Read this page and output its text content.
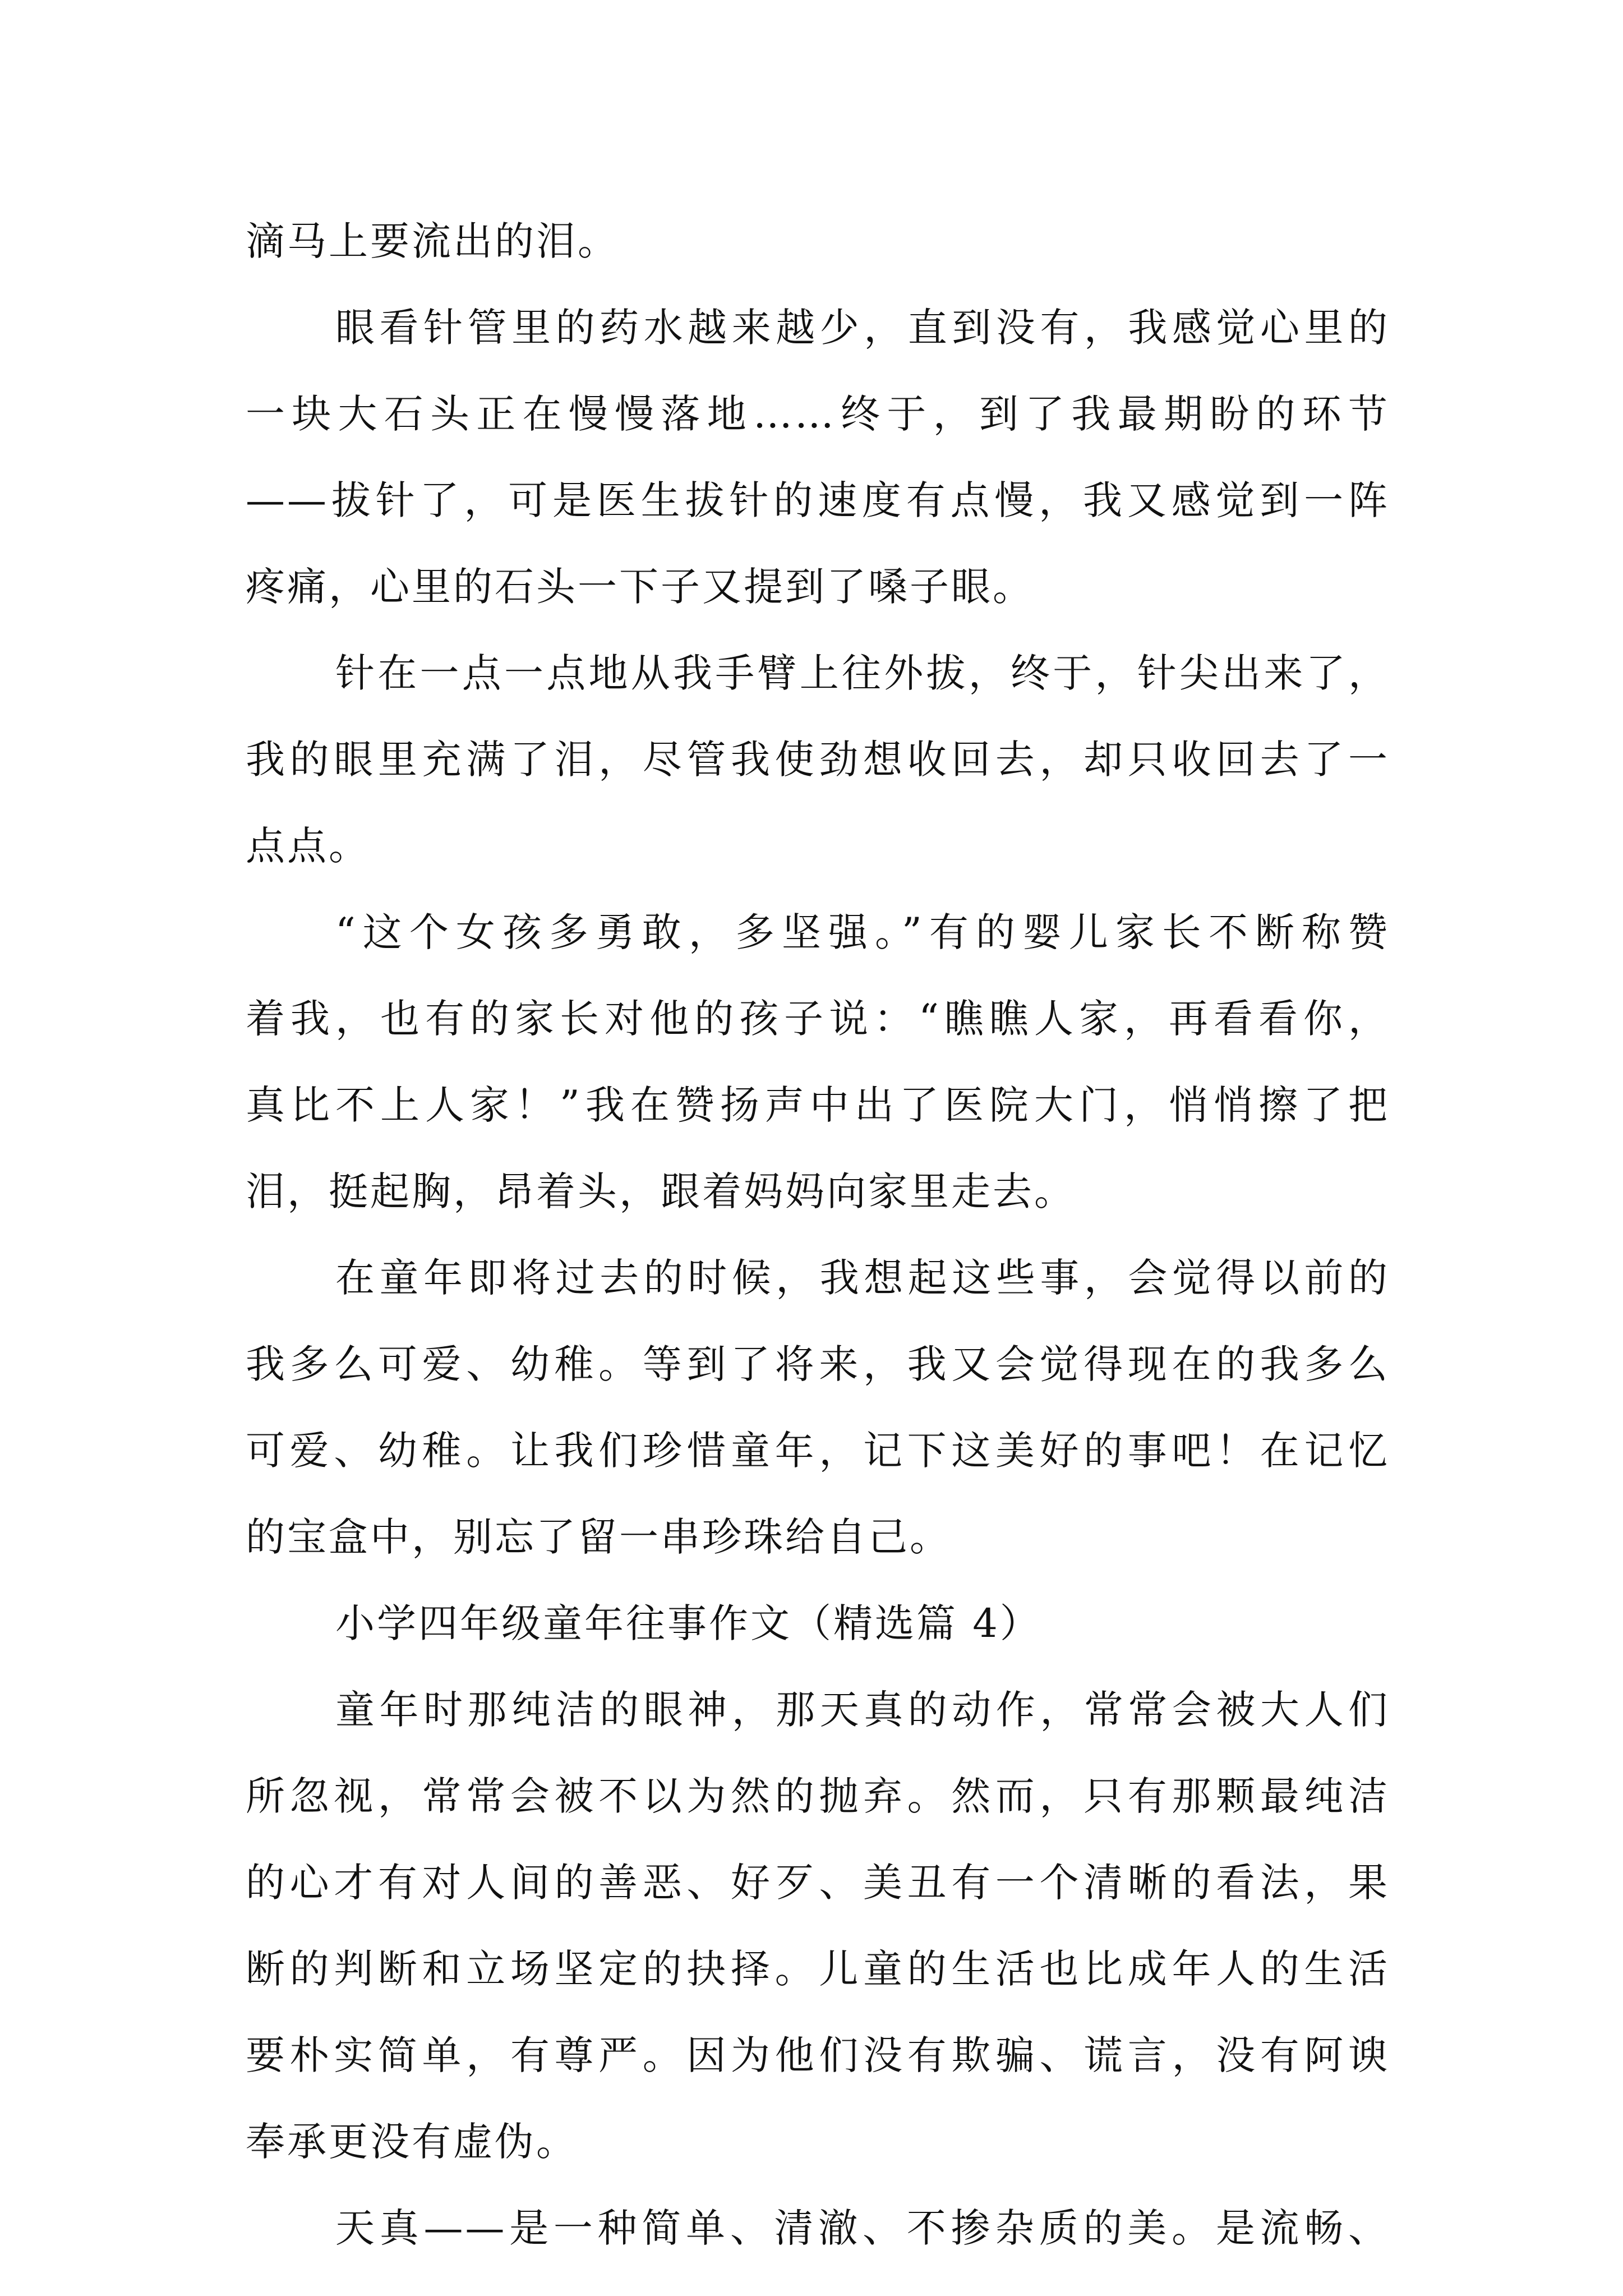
滴马上要流出的泪。
眼看针管里的药水越来越少，直到没有，我感觉心里的
一块大石头正在慢慢落地……终于，到了我最期盼的环节
——拔针了，可是医生拔针的速度有点慢，我又感觉到一阵
疼痛，心里的石头一下子又提到了嗓子眼。
针在一点一点地从我手臂上往外拔，终于，针尖出来了，
我的眼里充满了泪，尽管我使劲想收回去，却只收回去了一
点点。
“这个女孩多勇敢，多坚强。”有的婴儿家长不断称赞
着我，也有的家长对他的孩子说：“瞧瞧人家，再看看你，
真比不上人家！”我在赞扬声中出了医院大门，悄悄擦了把
泪，挺起胸，昂着头，跟着妈妈向家里走去。
在童年即将过去的时候，我想起这些事，会觉得以前的
我多么可爱、幼稚。等到了将来，我又会觉得现在的我多么
可爱、幼稚。让我们珍惜童年，记下这美好的事吧！在记忆
的宝盒中，别忘了留一串珍珠给自己。
小学四年级童年往事作文（精选篇 4）
童年时那纯洁的眼神，那天真的动作，常常会被大人们
所忽视，常常会被不以为然的抛弃。然而，只有那颗最纯洁
的心才有对人间的善恶、好歹、美丑有一个清晰的看法，果
断的判断和立场坚定的抉择。儿童的生活也比成年人的生活
要朴实简单，有尊严。因为他们没有欺骗、谎言，没有阿谀
奉承更没有虚伪。
天真——是一种简单、清澈、不掺杂质的美。是流畅、
